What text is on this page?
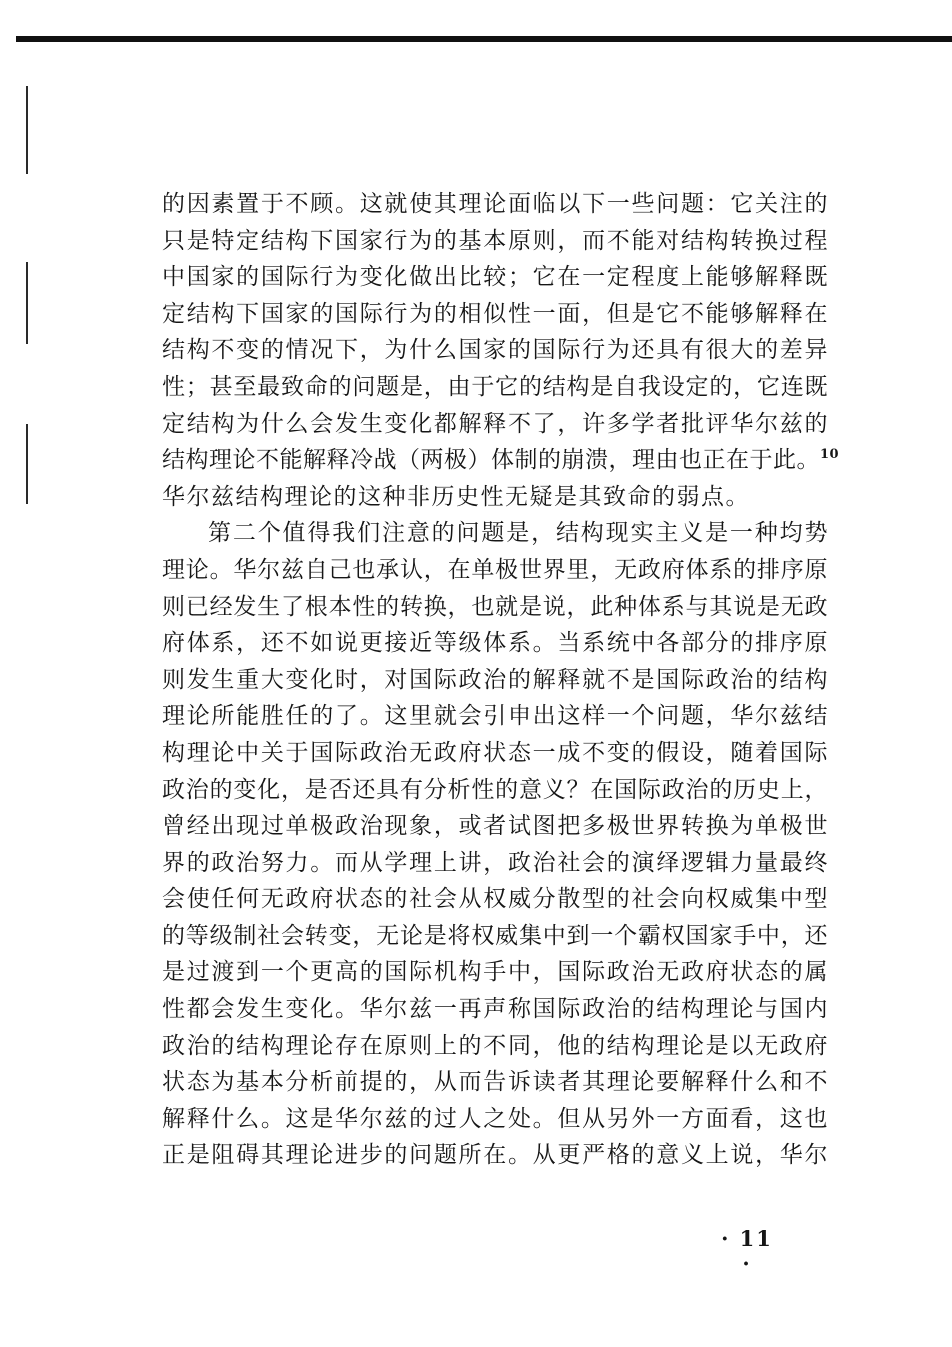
的因素置于不顾。这就使其理论面临以下一些问题：它关注的
只是特定结构下国家行为的基本原则，而不能对结构转换过程
中国家的国际行为变化做出比较；它在一定程度上能够解释既
定结构下国家的国际行为的相似性一面，但是它不能够解释在
结构不变的情况下，为什么国家的国际行为还具有很大的差异
性；甚至最致命的问题是，由于它的结构是自我设定的，它连既
定结构为什么会发生变化都解释不了，许多学者批评华尔兹的
结构理论不能解释冷战（两极）体制的崩溃，理由也正在于此。$^{10}$
华尔兹结构理论的这种非历史性无疑是其致命的弱点。
第二个值得我们注意的问题是，结构现实主义是一种均势
理论。华尔兹自己也承认，在单极世界里，无政府体系的排序原
则已经发生了根本性的转换，也就是说，此种体系与其说是无政
府体系，还不如说更接近等级体系。当系统中各部分的排序原
则发生重大变化时，对国际政治的解释就不是国际政治的结构
理论所能胜任的了。这里就会引申出这样一个问题，华尔兹结
构理论中关于国际政治无政府状态一成不变的假设，随着国际
政治的变化，是否还具有分析性的意义？在国际政治的历史上，
曾经出现过单极政治现象，或者试图把多极世界转换为单极世
界的政治努力。而从学理上讲，政治社会的演绎逻辑力量最终
会使任何无政府状态的社会从权威分散型的社会向权威集中型
的等级制社会转变，无论是将权威集中到一个霸权国家手中，还
是过渡到一个更高的国际机构手中，国际政治无政府状态的属
性都会发生变化。华尔兹一再声称国际政治的结构理论与国内
政治的结构理论存在原则上的不同，他的结构理论是以无政府
状态为基本分析前提的，从而告诉读者其理论要解释什么和不
解释什么。这是华尔兹的过人之处。但从另外一方面看，这也
正是阻碍其理论进步的问题所在。从更严格的意义上说，华尔
· 11 ·
